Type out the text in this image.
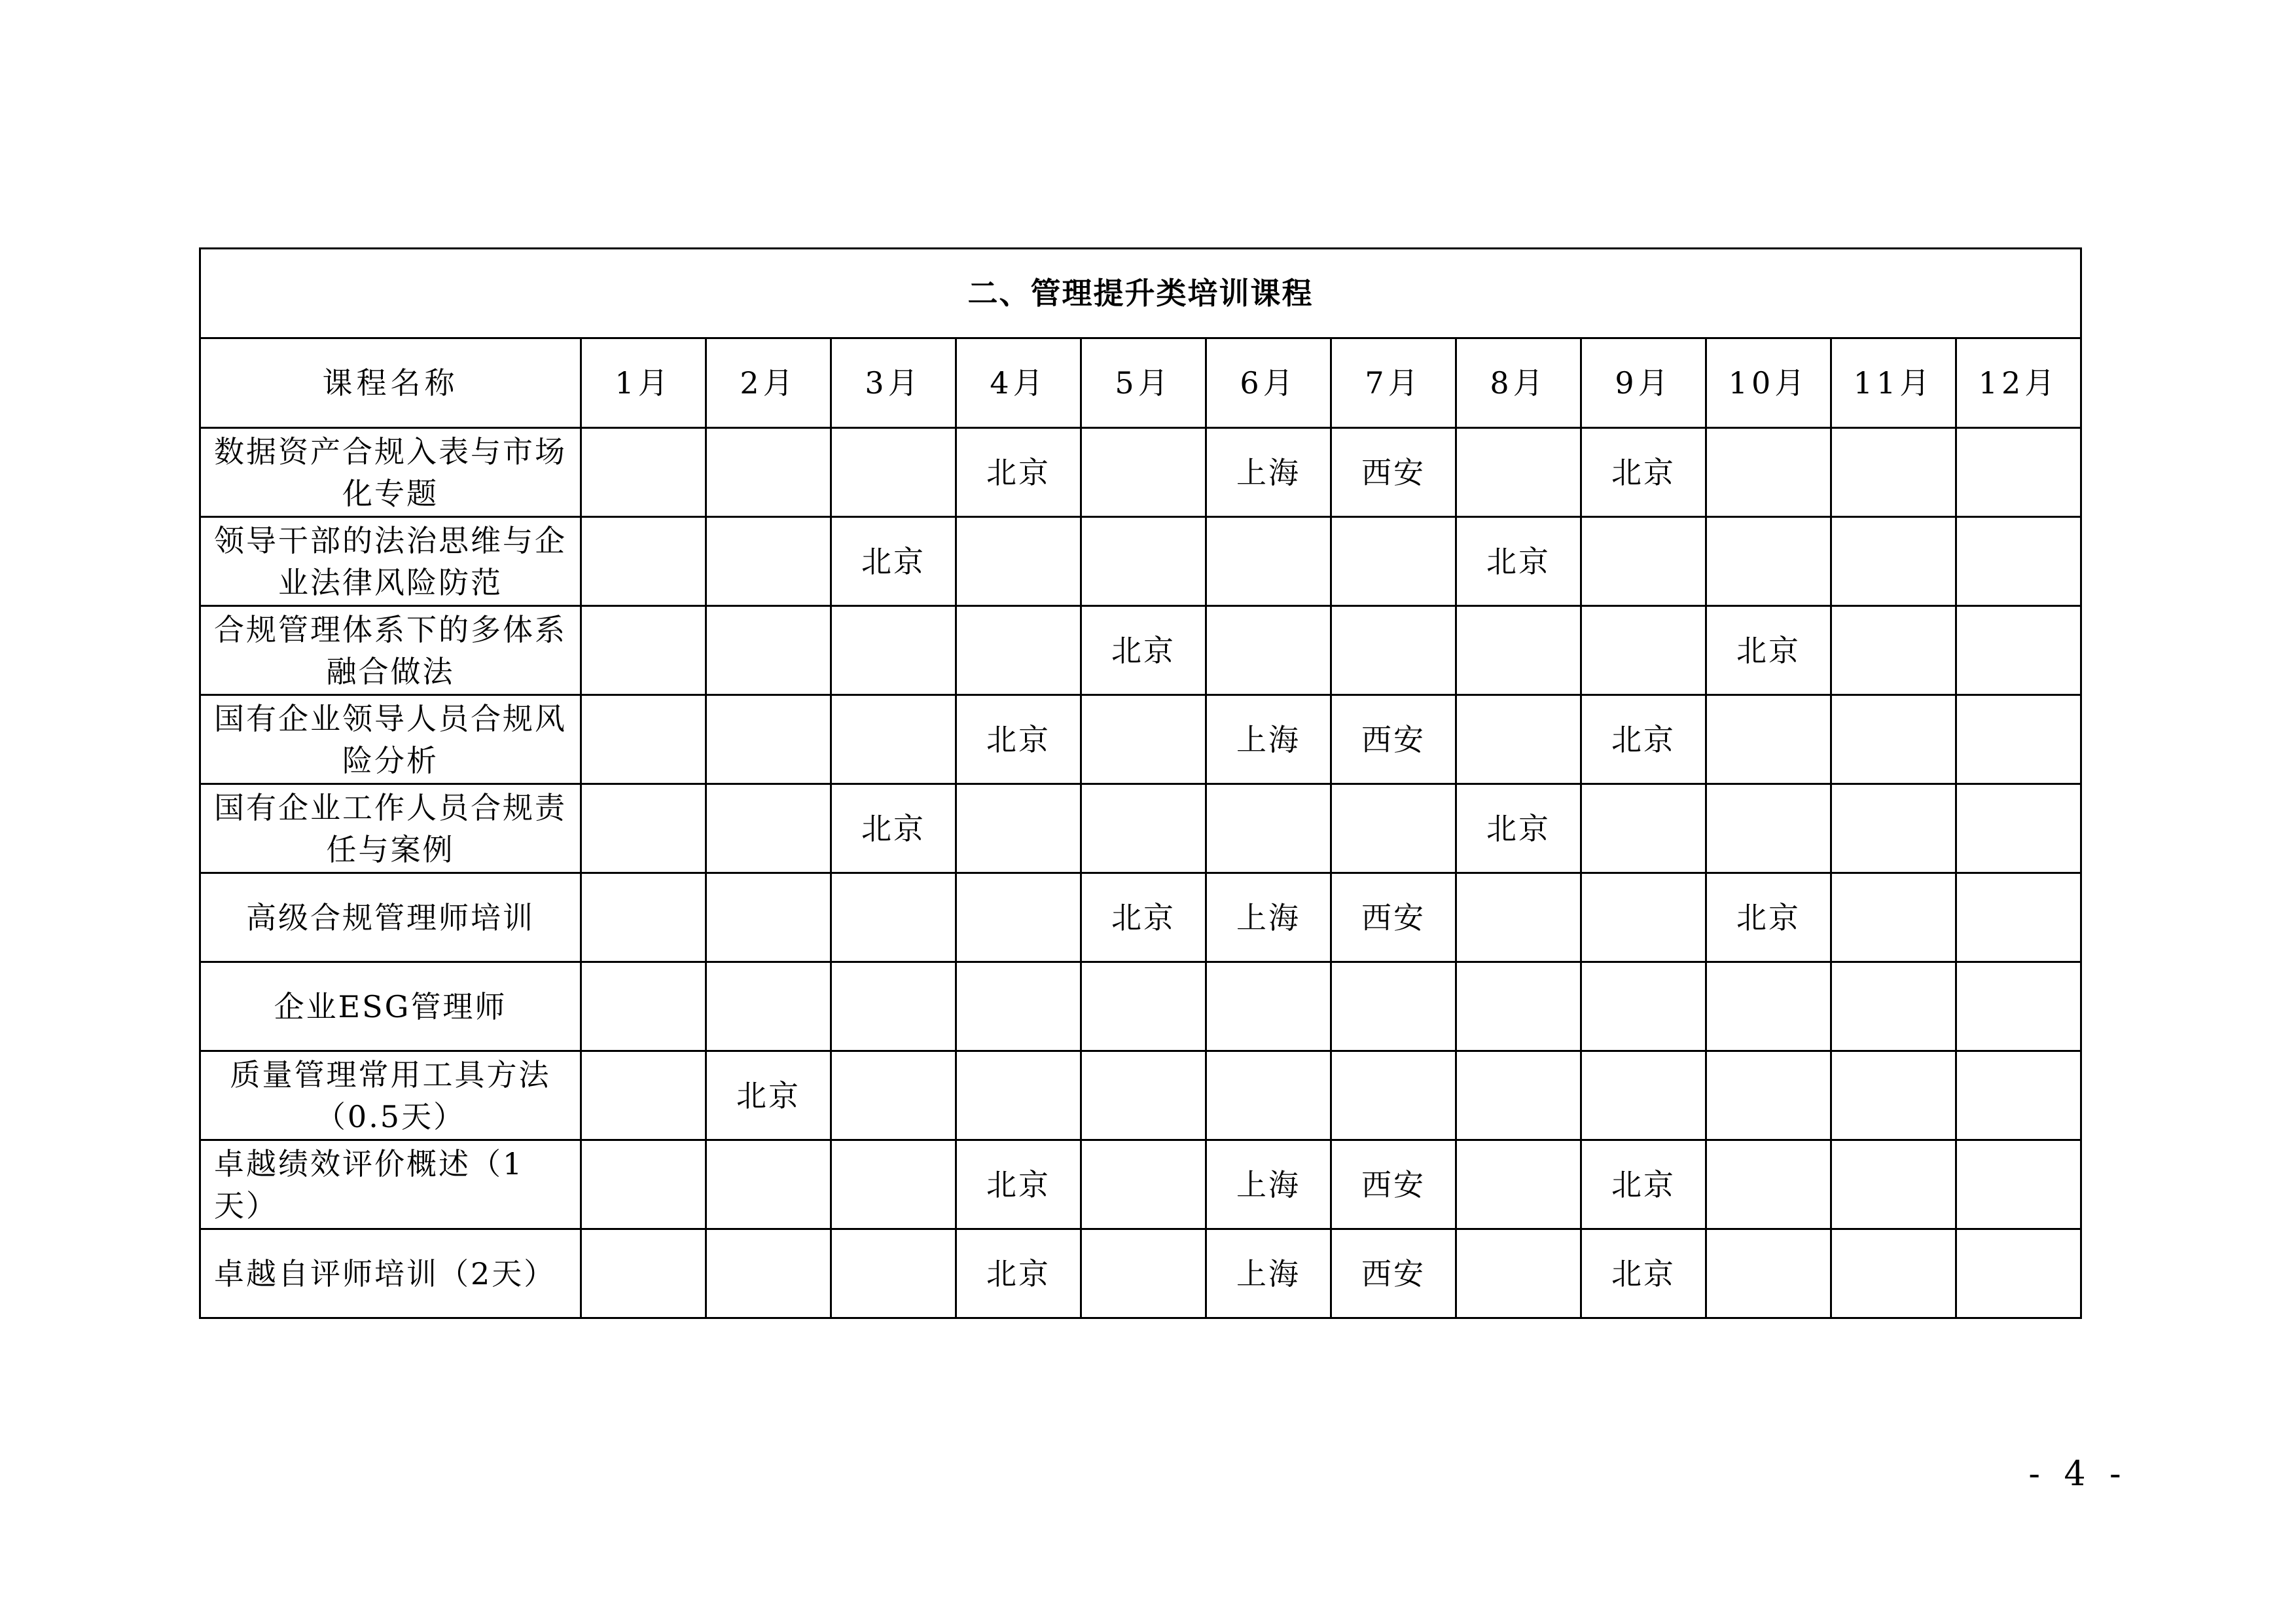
二、管理提升类培训课程												
课程名称	1月	2月	3月	4月	5月	6月	7月	8月	9月	10月	11月	12月
数据资产合规入表与市场化专题				北京		上海	西安		北京			
领导干部的法治思维与企业法律风险防范			北京					北京				
合规管理体系下的多体系融合做法					北京					北京		
国有企业领导人员合规风险分析				北京		上海	西安		北京			
国有企业工作人员合规责任与案例			北京					北京				
高级合规管理师培训					北京	上海	西安			北京		
企业ESG管理师												
质量管理常用工具方法（0.5天）		北京										
卓越绩效评价概述（1天）				北京		上海	西安		北京			
卓越自评师培训（2天）				北京		上海	西安		北京			
- 4 -
